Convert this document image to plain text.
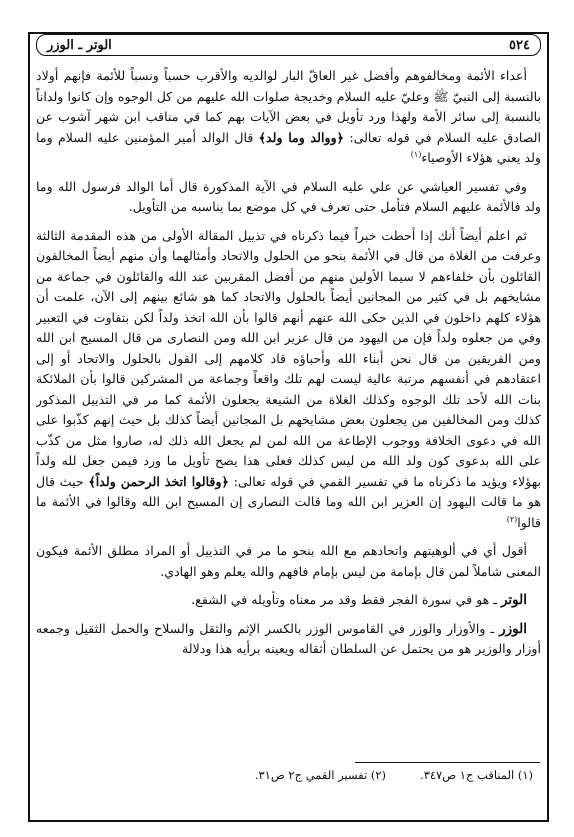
٥٢٤
الوتر ـ الوزر

أعداء الأئمة ومخالفوهم وأفضل غير العاقّ البار لوالديه والأقرب حسباً ونسباً للأئمة فإنهم أولاد بالنسبة إلى النبيّ ﷺ وعليّ عليه السلام وخديجة صلوات الله عليهم من كل الوجوه وإن كانوا ولداناً بالنسبة إلى سائر الأمة ولهذا ورد تأويل في بعض الآيات بهم كما في مناقب ابن شهر آشوب عن الصادق عليه السلام في قوله تعالى: ﴿ووالد وما ولد﴾ قال الوالد أمير المؤمنين عليه السلام وما ولد يعني هؤلاء الأوصياء$^{(١)}$

وفي تفسير العياشي عن علي عليه السلام في الآية المذكورة قال أما الوالد فرسول الله وما ولد فالأئمة عليهم السلام فتأمل حتى تعرف في كل موضع بما يناسبه من التأويل.

ثم اعلم أيضاً أنك إذا أحطت خبراً فيما ذكرناه في تذييل المقالة الأولى من هذه المقدمة الثالثة وعرفت من الغلاة من قال في الأئمة بنحو من الحلول والاتحاد وأمثالهما وأن منهم أيضاً المخالفون القائلون بأن خلفاءهم لا سيما الأولين منهم من أفضل المقربين عند الله والقائلون في جماعة من مشايخهم بل في كثير من المجانين أيضاً بالحلول والاتحاد كما هو شائع بينهم إلى الآن، علمت أن هؤلاء كلهم داخلون في الذين حكى الله عنهم أنهم قالوا بأن الله اتخذ ولداً لكن بتفاوت في التعبير وفي من جعلوه ولداً فإن من اليهود من قال عزير ابن الله ومن النصارى من قال المسيح ابن الله ومن الفريقين من قال نحن أبناء الله وأحباؤه قاد كلامهم إلى القول بالحلول والاتحاد أو إلى اعتقادهم في أنفسهم مرتبة عالية ليست لهم تلك واقعاً وجماعة من المشركين قالوا بأن الملائكة بنات الله لأحد تلك الوجوه وكذلك الغلاة من الشيعة يجعلون الأئمة كما مر في التذييل المذكور كذلك ومن المخالفين من يجعلون بعض مشايخهم بل المجانين أيضاً كذلك بل حيث إنهم كذّبوا على الله في دعوى الخلافة ووجوب الإطاعة من الله لمن لم يجعل الله ذلك له، صاروا مثل من كذّب على الله بدعوى كون ولد الله من ليس كذلك فعلى هذا يصح تأويل ما ورد فيمن جعل لله ولداً بهؤلاء ويؤيد ما ذكرناه ما في تفسير القمي في قوله تعالى: ﴿وقالوا اتخذ الرحمن ولداً﴾ حيث قال هو ما قالت اليهود إن العزير ابن الله وما قالت النصارى إن المسيح ابن الله وقالوا في الأئمة ما قالوا$^{(٢)}$

أقول أي في ألوهيتهم واتحادهم مع الله بنحو ما مر في التذييل أو المراد مطلق الأئمة فيكون المعنى شاملاً لمن قال بإمامة من ليس بإمام فافهم والله يعلم وهو الهادي.

الوتر ـ هو في سورة الفجر فقط وقد مر معناه وتأويله في الشفع.

الوزر ـ والأوزار والوزر في القاموس الوزر بالكسر الإثم والثقل والسلاح والحمل الثقيل وجمعه أوزار والوزير هو من يحتمل عن السلطان أثقاله ويعينه برأيه هذا ودلالة

(١) المناقب ج١ ص٣٤٧.
(٢) تفسير القمي ج٢ ص٣١.
